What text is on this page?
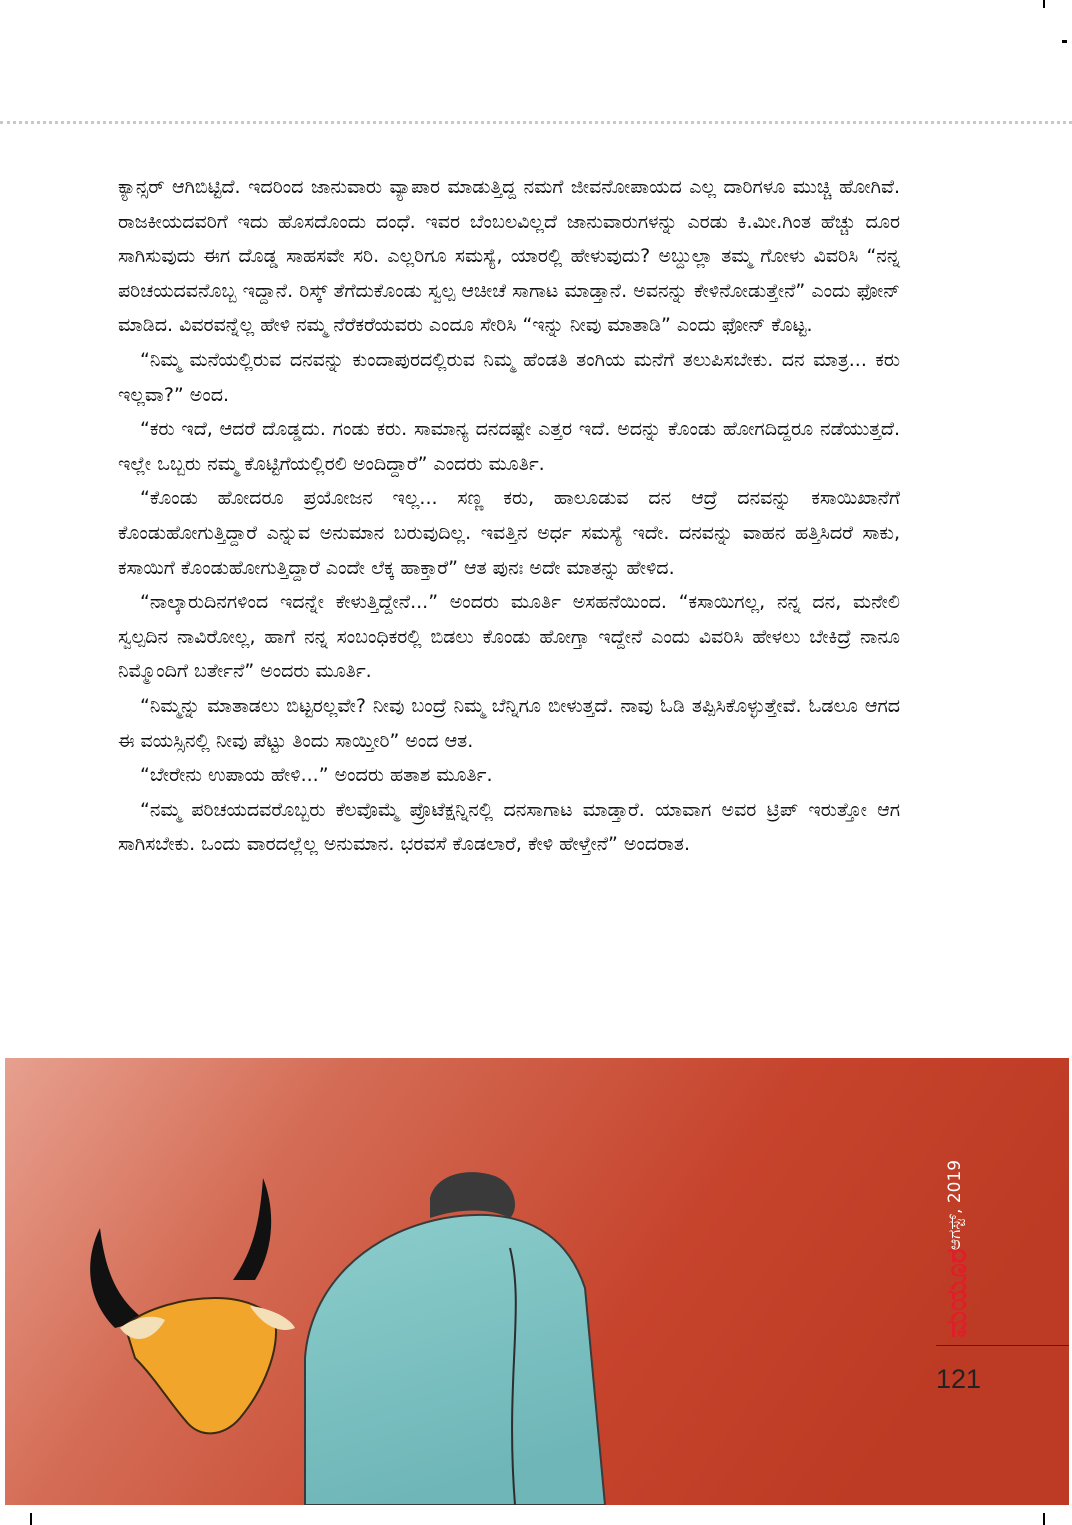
ಕ್ಯಾನ್ಸರ್ ಆಗಿಬಿಟ್ಟಿದೆ. ಇದರಿಂದ ಜಾನುವಾರು ವ್ಯಾಪಾರ ಮಾಡುತ್ತಿದ್ದ ನಮಗೆ ಜೀವನೋಪಾಯದ ಎಲ್ಲ ದಾರಿಗಳೂ ಮುಚ್ಚಿ ಹೋಗಿವೆ. ರಾಜಕೀಯದವರಿಗೆ ಇದು ಹೊಸದೊಂದು ದಂಧೆ. ಇವರ ಬೆಂಬಲವಿಲ್ಲದೆ ಜಾನುವಾರುಗಳನ್ನು ಎರಡು ಕಿ.ಮೀ.ಗಿಂತ ಹೆಚ್ಚು ದೂರ ಸಾಗಿಸುವುದು ಈಗ ದೊಡ್ಡ ಸಾಹಸವೇ ಸರಿ. ಎಲ್ಲರಿಗೂ ಸಮಸ್ಯೆ, ಯಾರಲ್ಲಿ ಹೇಳುವುದು? ಅಬ್ದುಲ್ಲಾ ತಮ್ಮ ಗೋಳು ವಿವರಿಸಿ “ನನ್ನ ಪರಿಚಯದವನೊಬ್ಬ ಇದ್ದಾನೆ. ರಿಸ್ಕ್ ತೆಗೆದುಕೊಂಡು ಸ್ವಲ್ಪ ಆಚೀಚೆ ಸಾಗಾಟ ಮಾಡ್ತಾನೆ. ಅವನನ್ನು ಕೇಳಿನೋಡುತ್ತೇನೆ” ಎಂದು ಫೋನ್ ಮಾಡಿದ. ವಿವರವನ್ನೆಲ್ಲ ಹೇಳಿ ನಮ್ಮ ನೆರೆಕರೆಯವರು ಎಂದೂ ಸೇರಿಸಿ “ಇನ್ನು ನೀವು ಮಾತಾಡಿ” ಎಂದು ಫೋನ್ ಕೊಟ್ಟ.

“ನಿಮ್ಮ ಮನೆಯಲ್ಲಿರುವ ದನವನ್ನು ಕುಂದಾಪುರದಲ್ಲಿರುವ ನಿಮ್ಮ ಹೆಂಡತಿ ತಂಗಿಯ ಮನೆಗೆ ತಲುಪಿಸಬೇಕು. ದನ ಮಾತ್ರ... ಕರು ಇಲ್ಲವಾ?” ಅಂದ.

“ಕರು ಇದೆ, ಆದರೆ ದೊಡ್ಡದು. ಗಂಡು ಕರು. ಸಾಮಾನ್ಯ ದನದಷ್ಟೇ ಎತ್ತರ ಇದೆ. ಅದನ್ನು ಕೊಂಡು ಹೋಗದಿದ್ದರೂ ನಡೆಯುತ್ತದೆ. ಇಲ್ಲೇ ಒಬ್ಬರು ನಮ್ಮ ಕೊಟ್ಟಿಗೆಯಲ್ಲಿರಲಿ ಅಂದಿದ್ದಾರೆ” ಎಂದರು ಮೂರ್ತಿ.

“ಕೊಂಡು ಹೋದರೂ ಪ್ರಯೋಜನ ಇಲ್ಲ... ಸಣ್ಣ ಕರು, ಹಾಲೂಡುವ ದನ ಆದ್ರೆ ದನವನ್ನು ಕಸಾಯಿಖಾನೆಗೆ ಕೊಂಡುಹೋಗುತ್ತಿದ್ದಾರೆ ಎನ್ನುವ ಅನುಮಾನ ಬರುವುದಿಲ್ಲ. ಇವತ್ತಿನ ಅರ್ಧ ಸಮಸ್ಯೆ ಇದೇ. ದನವನ್ನು ವಾಹನ ಹತ್ತಿಸಿದರೆ ಸಾಕು, ಕಸಾಯಿಗೆ ಕೊಂಡುಹೋಗುತ್ತಿದ್ದಾರೆ ಎಂದೇ ಲೆಕ್ಕ ಹಾಕ್ತಾರೆ” ಆತ ಪುನಃ ಅದೇ ಮಾತನ್ನು ಹೇಳಿದ.

“ನಾಲ್ಕಾರುದಿನಗಳಿಂದ ಇದನ್ನೇ ಕೇಳುತ್ತಿದ್ದೇನೆ...” ಅಂದರು ಮೂರ್ತಿ ಅಸಹನೆಯಿಂದ. “ಕಸಾಯಿಗಲ್ಲ, ನನ್ನ ದನ, ಮನೇಲಿ ಸ್ವಲ್ಪದಿನ ನಾವಿರೋಲ್ಲ, ಹಾಗೆ ನನ್ನ ಸಂಬಂಧಿಕರಲ್ಲಿ ಬಿಡಲು ಕೊಂಡು ಹೋಗ್ತಾ ಇದ್ದೇನೆ ಎಂದು ವಿವರಿಸಿ ಹೇಳಲು ಬೇಕಿದ್ರೆ ನಾನೂ ನಿಮ್ಮೊಂದಿಗೆ ಬರ್ತೇನೆ” ಅಂದರು ಮೂರ್ತಿ.

“ನಿಮ್ಮನ್ನು ಮಾತಾಡಲು ಬಿಟ್ಟರಲ್ಲವೇ? ನೀವು ಬಂದ್ರೆ ನಿಮ್ಮ ಬೆನ್ನಿಗೂ ಬೀಳುತ್ತದೆ. ನಾವು ಓಡಿ ತಪ್ಪಿಸಿಕೊಳ್ಳುತ್ತೇವೆ. ಓಡಲೂ ಆಗದ ಈ ವಯಸ್ಸಿನಲ್ಲಿ ನೀವು ಪೆಟ್ಟು ತಿಂದು ಸಾಯ್ತೀರಿ” ಅಂದ ಆತ.

“ಬೇರೇನು ಉಪಾಯ ಹೇಳಿ...” ಅಂದರು ಹತಾಶ ಮೂರ್ತಿ.

“ನಮ್ಮ ಪರಿಚಯದವರೊಬ್ಬರು ಕೆಲವೊಮ್ಮೆ ಪ್ರೊಟೆಕ್ಷನ್ನಿನಲ್ಲಿ ದನಸಾಗಾಟ ಮಾಡ್ತಾರೆ. ಯಾವಾಗ ಅವರ ಟ್ರಿಪ್ ಇರುತ್ತೋ ಆಗ ಸಾಗಿಸಬೇಕು. ಒಂದು ವಾರದಲ್ಲೆಲ್ಲ ಅನುಮಾನ. ಭರವಸೆ ಕೊಡಲಾರೆ, ಕೇಳಿ ಹೇಳ್ತೇನೆ” ಅಂದರಾತ.

ಆಗಸ್ಟ್, 2019
ಮಯೂರ
121
